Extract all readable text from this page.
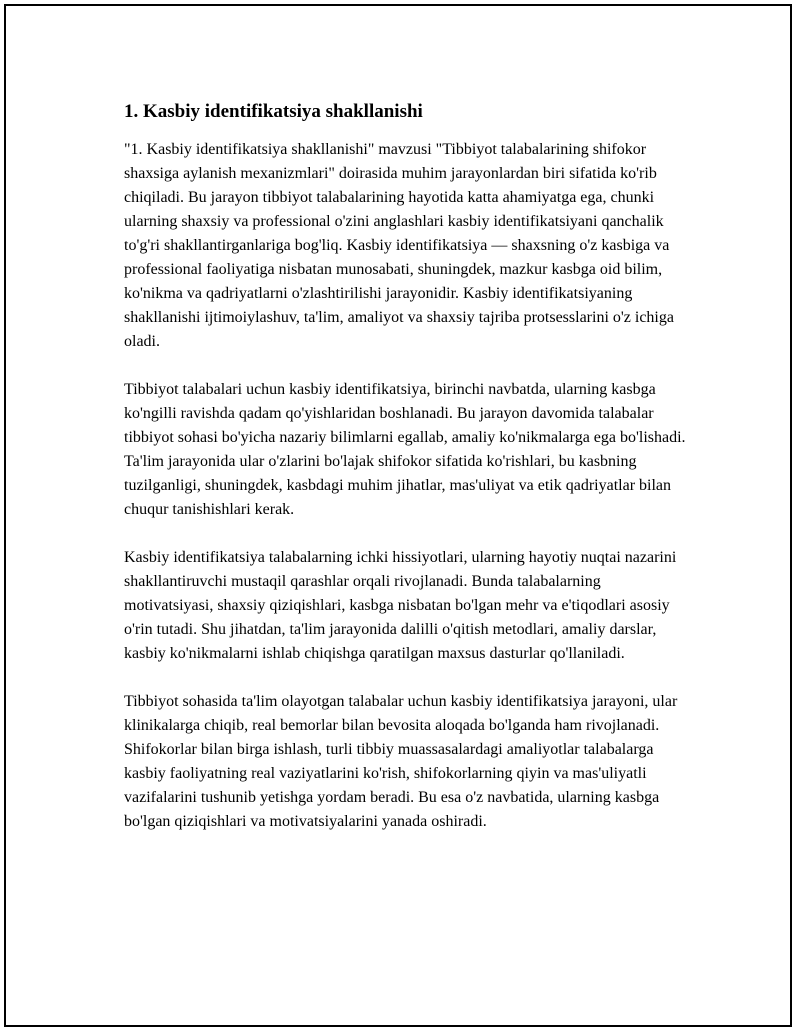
1. Kasbiy identifikatsiya shakllanishi

"1. Kasbiy identifikatsiya shakllanishi" mavzusi "Tibbiyot talabalarining shifokor shaxsiga aylanish mexanizmlari" doirasida muhim jarayonlardan biri sifatida ko'rib chiqiladi. Bu jarayon tibbiyot talabalarining hayotida katta ahamiyatga ega, chunki ularning shaxsiy va professional o'zini anglashlari kasbiy identifikatsiyani qanchalik to'g'ri shakllantirganlariga bog'liq. Kasbiy identifikatsiya — shaxsning o'z kasbiga va professional faoliyatiga nisbatan munosabati, shuningdek, mazkur kasbga oid bilim, ko'nikma va qadriyatlarni o'zlashtirilishi jarayonidir. Kasbiy identifikatsiyaning shakllanishi ijtimoiylashuv, ta'lim, amaliyot va shaxsiy tajriba protsesslarini o'z ichiga oladi.

Tibbiyot talabalari uchun kasbiy identifikatsiya, birinchi navbatda, ularning kasbga ko'ngilli ravishda qadam qo'yishlaridan boshlanadi. Bu jarayon davomida talabalar tibbiyot sohasi bo'yicha nazariy bilimlarni egallab, amaliy ko'nikmalarga ega bo'lishadi. Ta'lim jarayonida ular o'zlarini bo'lajak shifokor sifatida ko'rishlari, bu kasbning tuzilganligi, shuningdek, kasbdagi muhim jihatlar, mas'uliyat va etik qadriyatlar bilan chuqur tanishishlari kerak.

Kasbiy identifikatsiya talabalarning ichki hissiyotlari, ularning hayotiy nuqtai nazarini shakllantiruvchi mustaqil qarashlar orqali rivojlanadi. Bunda talabalarning motivatsiyasi, shaxsiy qiziqishlari, kasbga nisbatan bo'lgan mehr va e'tiqodlari asosiy o'rin tutadi. Shu jihatdan, ta'lim jarayonida dalilli o'qitish metodlari, amaliy darslar, kasbiy ko'nikmalarni ishlab chiqishga qaratilgan maxsus dasturlar qo'llaniladi.

Tibbiyot sohasida ta'lim olayotgan talabalar uchun kasbiy identifikatsiya jarayoni, ular klinikalarga chiqib, real bemorlar bilan bevosita aloqada bo'lganda ham rivojlanadi. Shifokorlar bilan birga ishlash, turli tibbiy muassasalardagi amaliyotlar talabalarga kasbiy faoliyatning real vaziyatlarini ko'rish, shifokorlarning qiyin va mas'uliyatli vazifalarini tushunib yetishga yordam beradi. Bu esa o'z navbatida, ularning kasbga bo'lgan qiziqishlari va motivatsiyalarini yanada oshiradi.
